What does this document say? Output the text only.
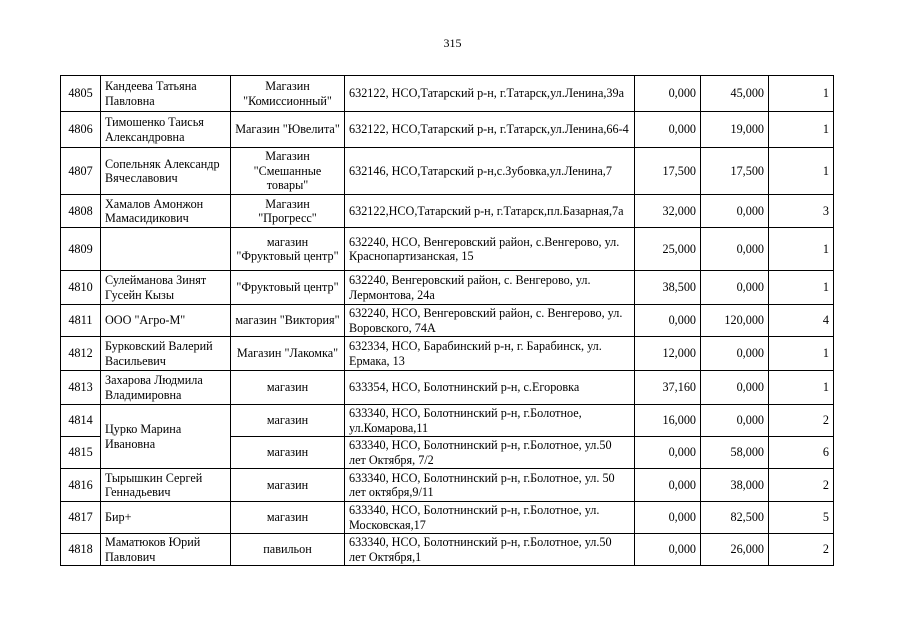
315
4805	Кандеева Татьяна Павловна	Магазин "Комиссионный"	632122, НСО,Татарский р-н, г.Татарск,ул.Ленина,39а	0,000	45,000	1
4806	Тимошенко Таисья Александровна	Магазин "Ювелита"	632122, НСО,Татарский р-н, г.Татарск,ул.Ленина,66-4	0,000	19,000	1
4807	Сопельняк Александр Вячеславович	Магазин "Смешанные товары"	632146, НСО,Татарский р-н,с.Зубовка,ул.Ленина,7	17,500	17,500	1
4808	Хамалов Амонжон Мамасидикович	Магазин "Прогресс"	632122,НСО,Татарский р-н, г.Татарск,пл.Базарная,7а	32,000	0,000	3
4809		магазин "Фруктовый центр"	632240, НСО, Венгеровский район, с.Венгерово, ул. Краснопартизанская, 15	25,000	0,000	1
4810	Сулейманова Зинят Гусейн Кызы	"Фруктовый центр"	632240, Венгеровский район, с. Венгерово, ул. Лермонтова, 24а	38,500	0,000	1
4811	ООО "Агро-М"	магазин "Виктория"	632240, НСО, Венгеровский район, с. Венгерово, ул. Воровского, 74А	0,000	120,000	4
4812	Бурковский Валерий Васильевич	Магазин "Лакомка"	632334, НСО, Барабинский р-н, г. Барабинск, ул. Ермака, 13	12,000	0,000	1
4813	Захарова Людмила Владимировна	магазин	633354, НСО, Болотнинский р-н, с.Егоровка	37,160	0,000	1
4814	Цурко Марина Ивановна	магазин	633340, НСО, Болотнинский р-н, г.Болотное, ул.Комарова,11	16,000	0,000	2
4815		магазин	633340, НСО, Болотнинский р-н, г.Болотное, ул.50 лет Октября, 7/2	0,000	58,000	6
4816	Тырышкин Сергей Геннадьевич	магазин	633340, НСО, Болотнинский р-н, г.Болотное, ул. 50 лет октября,9/11	0,000	38,000	2
4817	Бир+	магазин	633340, НСО, Болотнинский р-н, г.Болотное, ул. Московская,17	0,000	82,500	5
4818	Маматюков Юрий Павлович	павильон	633340, НСО, Болотнинский р-н, г.Болотное, ул.50 лет Октября,1	0,000	26,000	2
